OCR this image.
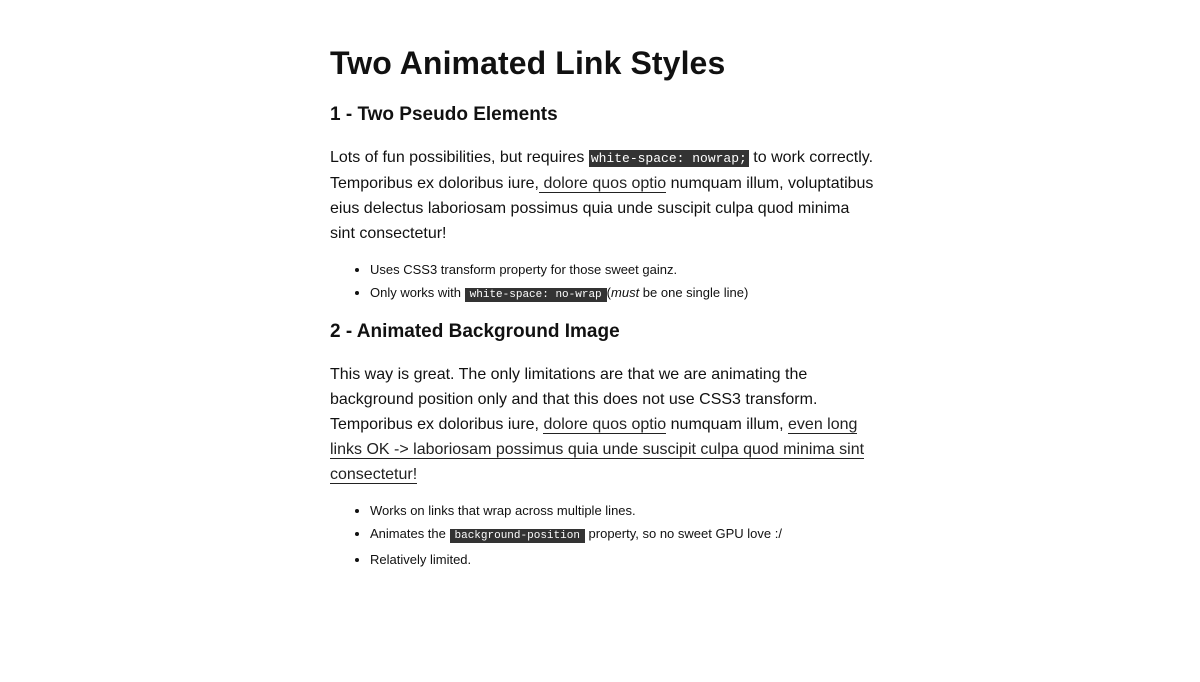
Two Animated Link Styles
1 - Two Pseudo Elements

Lots of fun possibilities, but requires white-space: nowrap; to work correctly. Temporibus ex doloribus iure, dolore quos optio numquam illum, voluptatibus eius delectus laboriosam possimus quia unde suscipit culpa quod minima sint consectetur!

• Uses CSS3 transform property for those sweet gainz.
• Only works with white-space: no-wrap (must be one single line)
2 - Animated Background Image

This way is great. The only limitations are that we are animating the background position only and that this does not use CSS3 transform. Temporibus ex doloribus iure, dolore quos optio numquam illum, even long links OK -> laboriosam possimus quia unde suscipit culpa quod minima sint consectetur!

• Works on links that wrap across multiple lines.
• Animates the background-position property, so no sweet GPU love :/
• Relatively limited.
